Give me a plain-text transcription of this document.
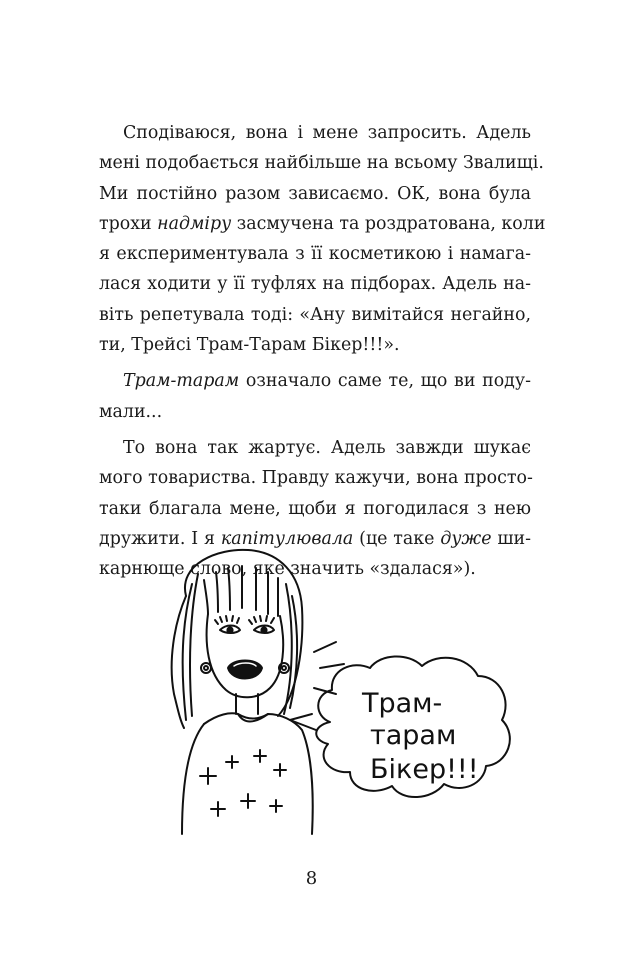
Сподіваюся, вона і мене запросить. Адель
мені подобається найбільше на всьому Звалищі.
Ми постійно разом зависаємо. ОК, вона була
трохи надміру засмучена та роздратована, коли
я експериментувала з її косметикою і намага-
лася ходити у її туфлях на підборах. Адель на-
віть репетувала тоді: «Ану вимітайся негайно,
ти, Трейсі Трам-Тарам Бікер!!!».
Трам-тарам означало саме те, що ви поду-
мали...
То вона так жартує. Адель завжди шукає
мого товариства. Правду кажучи, вона просто-
таки благала мене, щоби я погодилася з нею
дружити. І я капітулювала (це таке дуже ши-
карнюще слово, яке значить «здалася»).
Трам-
тарам
Бікер!!!
8
